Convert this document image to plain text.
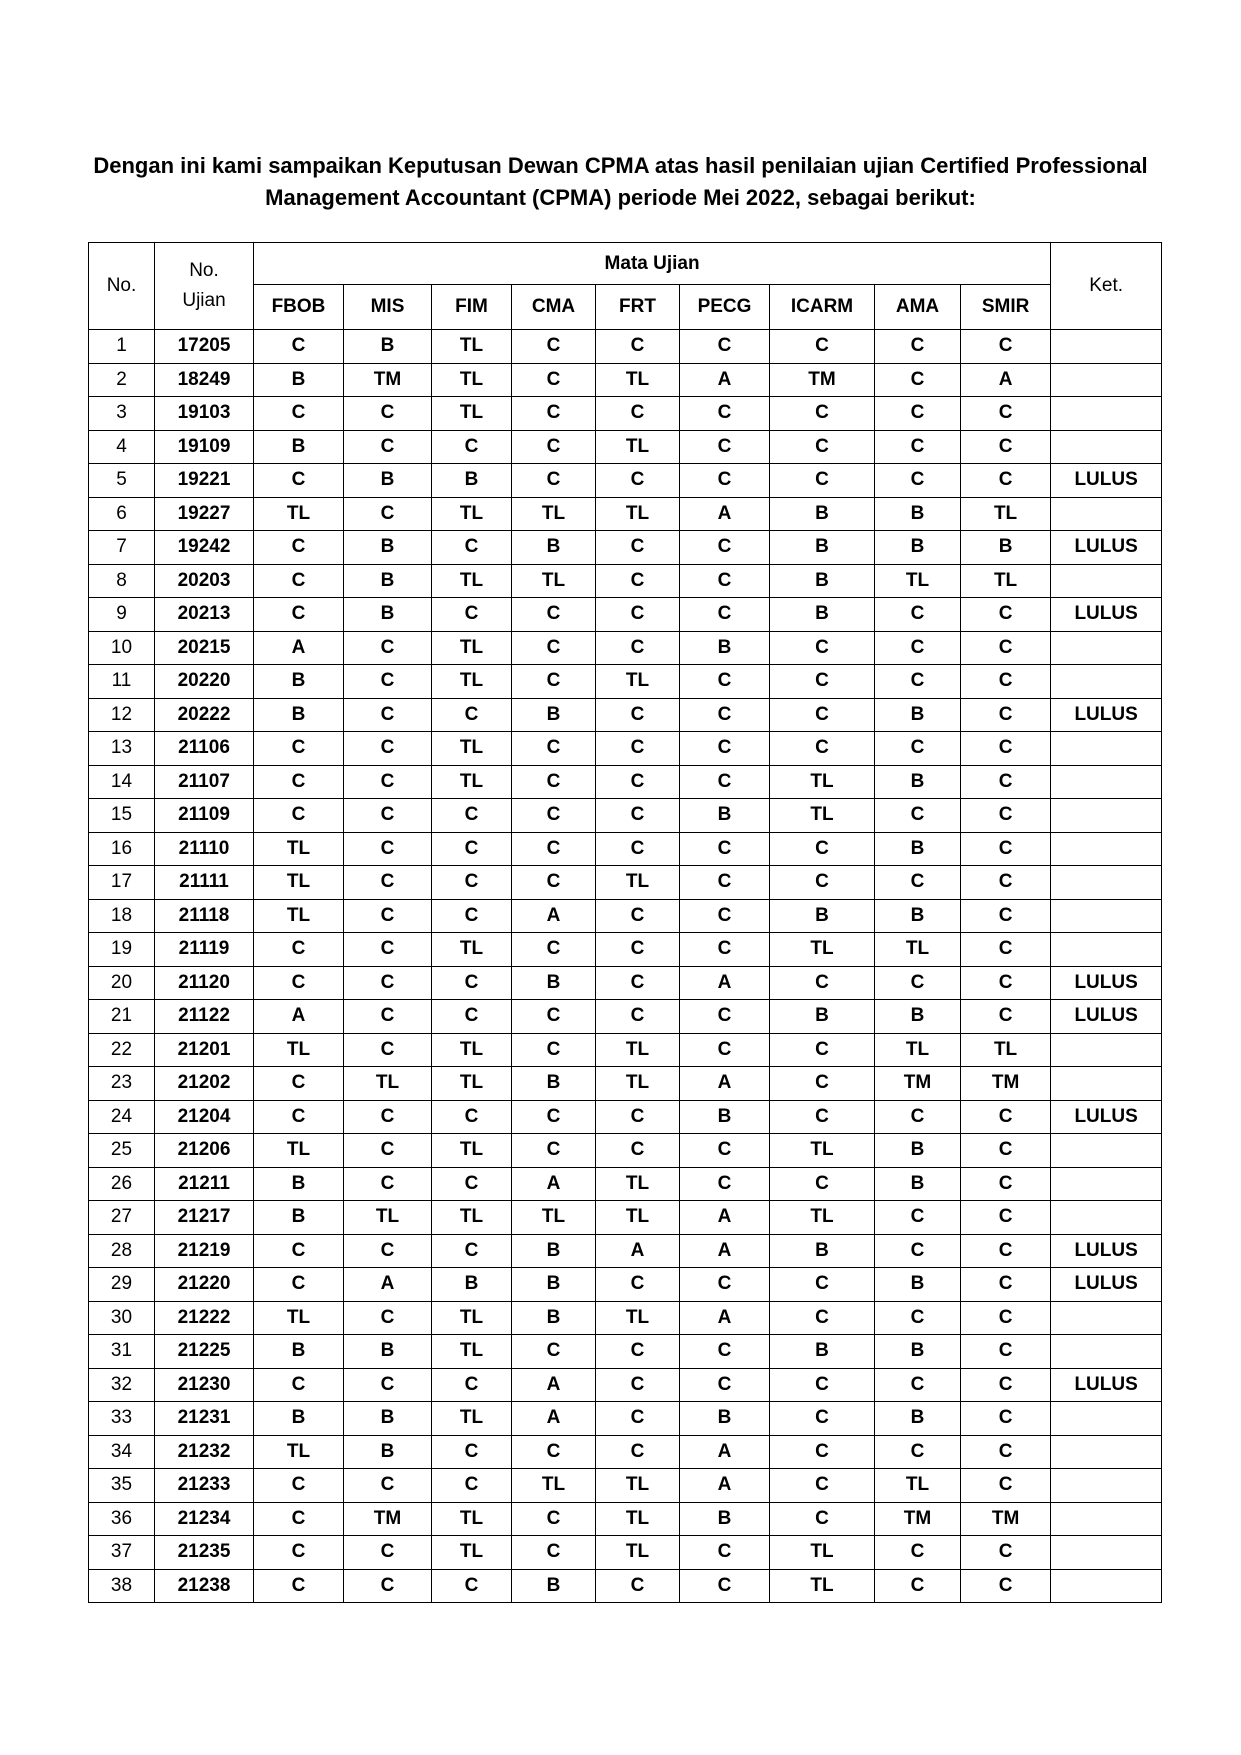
Dengan ini kami sampaikan Keputusan Dewan CPMA atas hasil penilaian ujian Certified Professional
Management Accountant (CPMA) periode Mei 2022, sebagai berikut:
No.	No.
Ujian	Mata Ujian									Ket.
		FBOB	MIS	FIM	CMA	FRT	PECG	ICARM	AMA	SMIR	
1	17205	C	B	TL	C	C	C	C	C	C	
2	18249	B	TM	TL	C	TL	A	TM	C	A	
3	19103	C	C	TL	C	C	C	C	C	C	
4	19109	B	C	C	C	TL	C	C	C	C	
5	19221	C	B	B	C	C	C	C	C	C	LULUS
6	19227	TL	C	TL	TL	TL	A	B	B	TL	
7	19242	C	B	C	B	C	C	B	B	B	LULUS
8	20203	C	B	TL	TL	C	C	B	TL	TL	
9	20213	C	B	C	C	C	C	B	C	C	LULUS
10	20215	A	C	TL	C	C	B	C	C	C	
11	20220	B	C	TL	C	TL	C	C	C	C	
12	20222	B	C	C	B	C	C	C	B	C	LULUS
13	21106	C	C	TL	C	C	C	C	C	C	
14	21107	C	C	TL	C	C	C	TL	B	C	
15	21109	C	C	C	C	C	B	TL	C	C	
16	21110	TL	C	C	C	C	C	C	B	C	
17	21111	TL	C	C	C	TL	C	C	C	C	
18	21118	TL	C	C	A	C	C	B	B	C	
19	21119	C	C	TL	C	C	C	TL	TL	C	
20	21120	C	C	C	B	C	A	C	C	C	LULUS
21	21122	A	C	C	C	C	C	B	B	C	LULUS
22	21201	TL	C	TL	C	TL	C	C	TL	TL	
23	21202	C	TL	TL	B	TL	A	C	TM	TM	
24	21204	C	C	C	C	C	B	C	C	C	LULUS
25	21206	TL	C	TL	C	C	C	TL	B	C	
26	21211	B	C	C	A	TL	C	C	B	C	
27	21217	B	TL	TL	TL	TL	A	TL	C	C	
28	21219	C	C	C	B	A	A	B	C	C	LULUS
29	21220	C	A	B	B	C	C	C	B	C	LULUS
30	21222	TL	C	TL	B	TL	A	C	C	C	
31	21225	B	B	TL	C	C	C	B	B	C	
32	21230	C	C	C	A	C	C	C	C	C	LULUS
33	21231	B	B	TL	A	C	B	C	B	C	
34	21232	TL	B	C	C	C	A	C	C	C	
35	21233	C	C	C	TL	TL	A	C	TL	C	
36	21234	C	TM	TL	C	TL	B	C	TM	TM	
37	21235	C	C	TL	C	TL	C	TL	C	C	
38	21238	C	C	C	B	C	C	TL	C	C	
